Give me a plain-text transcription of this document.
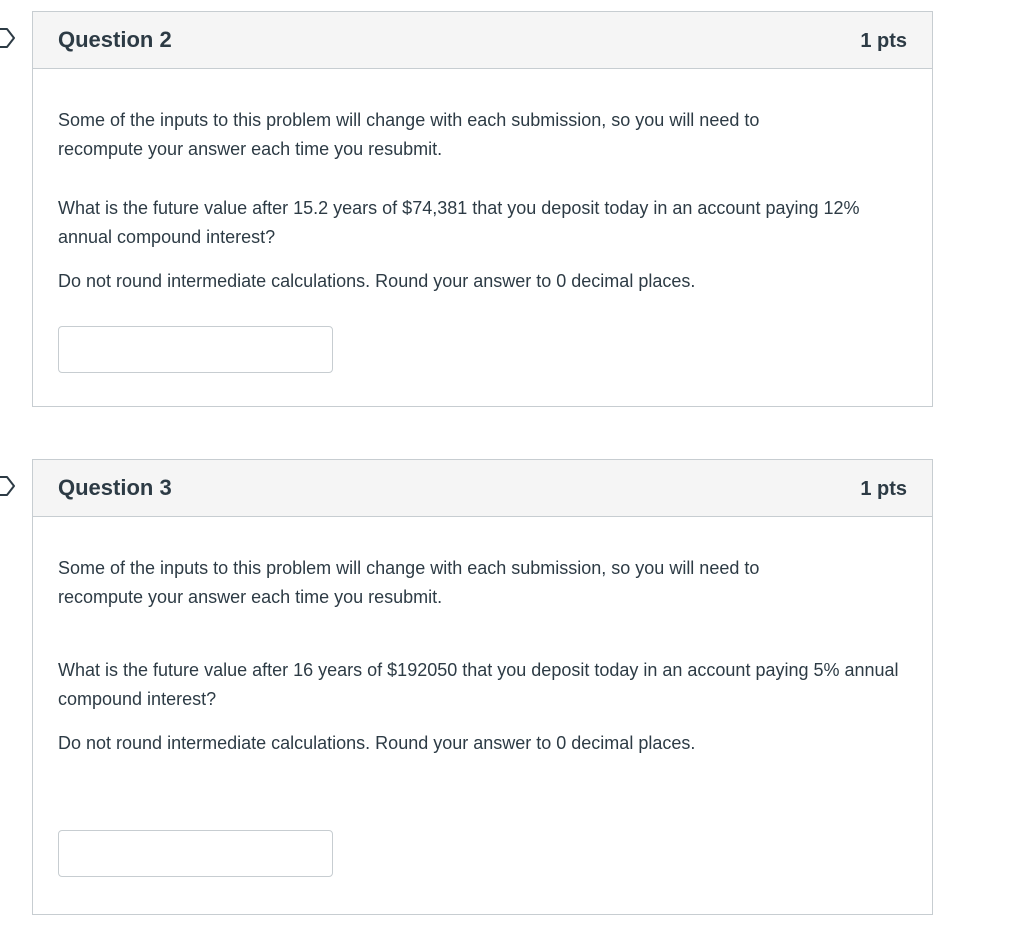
Question 2	1 pts

Some of the inputs to this problem will change with each submission, so you will need to recompute your answer each time you resubmit.

What is the future value after 15.2 years of $74,381 that you deposit today in an account paying 12% annual compound interest?

Do not round intermediate calculations. Round your answer to 0 decimal places.

Question 3	1 pts

Some of the inputs to this problem will change with each submission, so you will need to recompute your answer each time you resubmit.

What is the future value after 16 years of $192050 that you deposit today in an account paying 5% annual compound interest?

Do not round intermediate calculations. Round your answer to 0 decimal places.
